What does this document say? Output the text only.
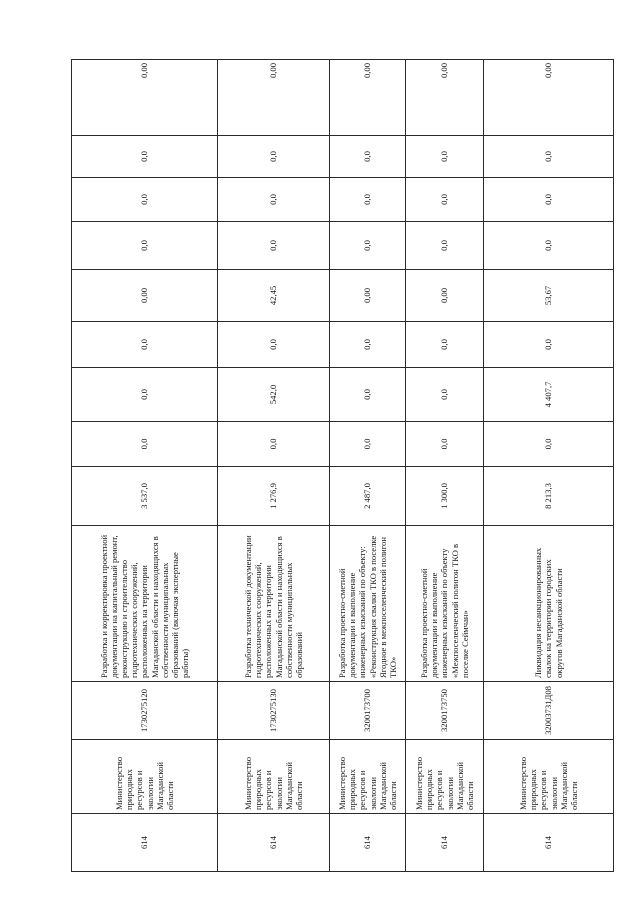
614	Министерство природных ресурсов и экологии Магаданской области	1730275120	Разработка и корректировка проектной документации на капитальный ремонт, реконструкцию и строительство гидротехнических сооружений, расположенных на территории Магаданской области и находящихся в собственности муниципальных образований (включая экспертные работы)	3 537,0	0,0	0,0	0,0	0,00	0,0	0,0	0,0	0,00
614	Министерство природных ресурсов и экологии Магаданской области	1730275130	Разработка технической документации гидротехнических сооружений, расположенных на территории Магаданской области и находящихся в собственности муниципальных образований	1 276,9	0,0	542,0	0,0	42,45	0,0	0,0	0,0	0,00
614	Министерство природных ресурсов и экологии Магаданской области	3200173700	Разработка проектно-сметной документации и выполнение инженерных изысканий по объекту: «Реконструкция свалки ТКО в поселке Ягодное в межпоселенческий полигон ТКО»	2 487,0	0,0	0,0	0,0	0,00	0,0	0,0	0,0	0,00
614	Министерство природных ресурсов и экологии Магаданской области	3200173750	Разработка проектно-сметной документации и выполнение инженерных изысканий по объекту «Межпоселенческий полигон ТКО в поселке Сеймчан»	1 300,0	0,0	0,0	0,0	0,00	0,0	0,0	0,0	0,00
614	Министерство природных ресурсов и экологии Магаданской области	32003731Д08	Ликвидация несанкционированных свалок на территории городских округов Магаданской области	8 213,3	0,0	4 407,7	0,0	53,67	0,0	0,0	0,0	0,00
